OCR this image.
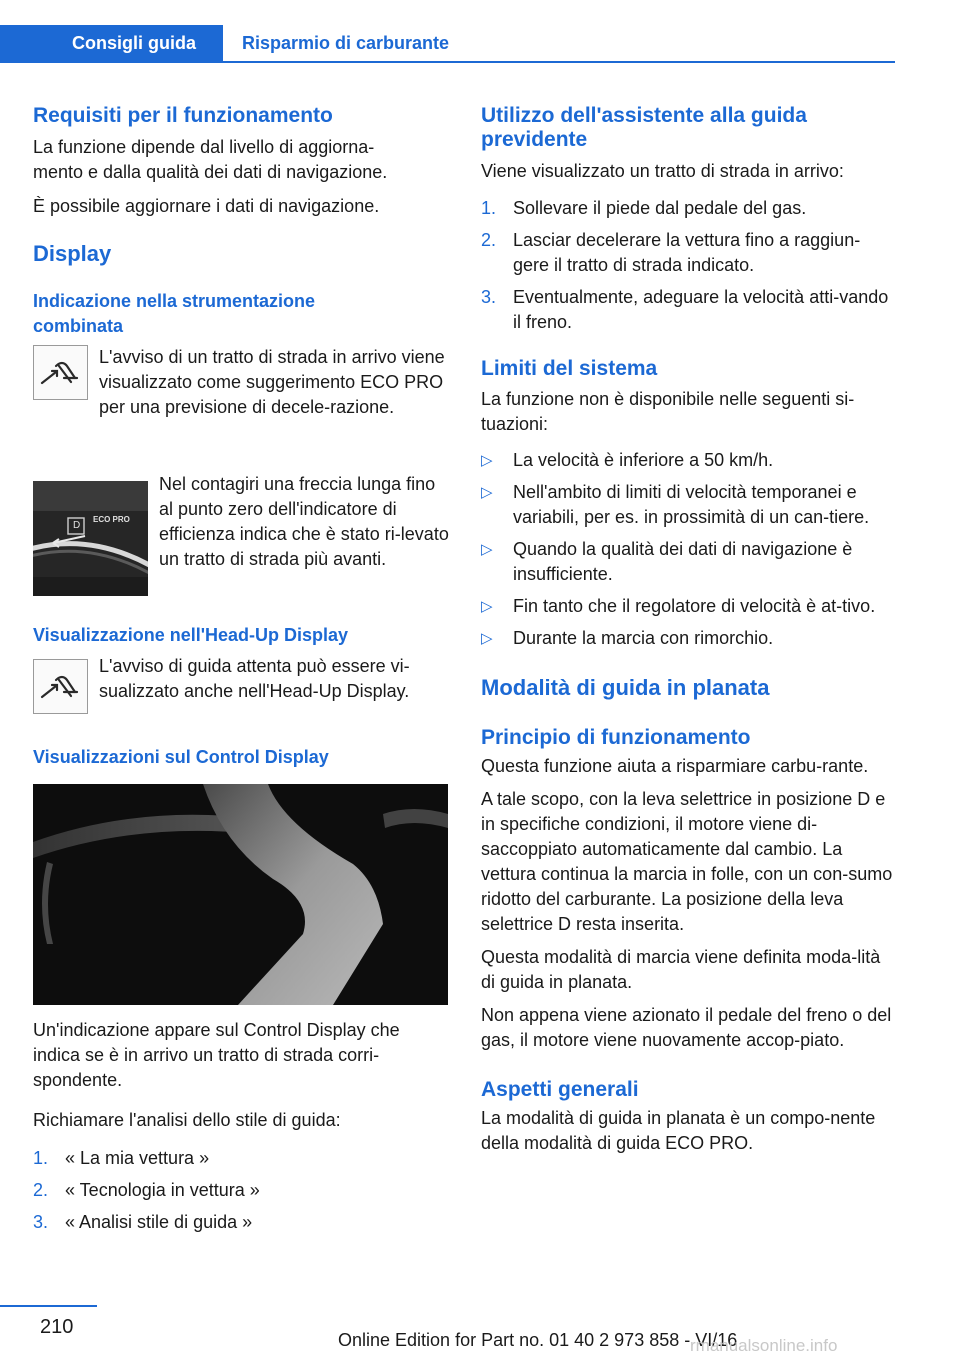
Consigli guida	Risparmio di carburante
Requisiti per il funzionamento

La funzione dipende dal livello di aggiorna-mento e dalla qualità dei dati di navigazione.

È possibile aggiornare i dati di navigazione.

Display
Indicazione nella strumentazione combinata
L'avviso di un tratto di strada in arrivo viene visualizzato come suggerimento ECO PRO per una previsione di decele-razione.
D
ECO PRO
Nel contagiri una freccia lunga fino al punto zero dell'indicatore di efficienza indica che è stato ri-levato un tratto di strada più avanti.
Visualizzazione nell'Head-Up Display
L'avviso di guida attenta può essere vi-sualizzato anche nell'Head-Up Display.
Visualizzazioni sul Control Display

Un'indicazione appare sul Control Display che indica se è in arrivo un tratto di strada corri-spondente.

Richiamare l'analisi dello stile di guida:

1. « La mia vettura »
2. « Tecnologia in vettura »
3. « Analisi stile di guida »
Utilizzo dell'assistente alla guida previdente

Viene visualizzato un tratto di strada in arrivo:

1. Sollevare il piede dal pedale del gas.
2. Lasciar decelerare la vettura fino a raggiun-gere il tratto di strada indicato.
3. Eventualmente, adeguare la velocità atti-vando il freno.
Limiti del sistema

La funzione non è disponibile nelle seguenti si-tuazioni:

▷ La velocità è inferiore a 50 km/h.
▷ Nell'ambito di limiti di velocità temporanei e variabili, per es. in prossimità di un can-tiere.
▷ Quando la qualità dei dati di navigazione è insufficiente.
▷ Fin tanto che il regolatore di velocità è at-tivo.
▷ Durante la marcia con rimorchio.
Modalità di guida in planata
Principio di funzionamento

Questa funzione aiuta a risparmiare carbu-rante.

A tale scopo, con la leva selettrice in posizione D e in specifiche condizioni, il motore viene di-saccoppiato automaticamente dal cambio. La vettura continua la marcia in folle, con un con-sumo ridotto del carburante. La posizione della leva selettrice D resta inserita.

Questa modalità di marcia viene definita moda-lità di guida in planata.

Non appena viene azionato il pedale del freno o del gas, il motore viene nuovamente accop-piato.

Aspetti generali

La modalità di guida in planata è un compo-nente della modalità di guida ECO PRO.

210
Online Edition for Part no. 01 40 2 973 858 - VI/16
rmanualsonline.info
